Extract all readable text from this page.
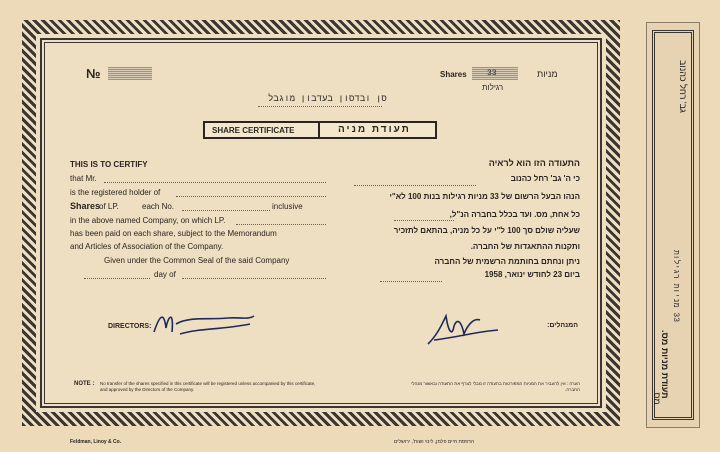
№	Shares	33	מניות
רגילות
סן ובדסון בעדבון מוגבל
SHARE CERTIFICATE	תעודת מניה
THIS IS TO CERTIFY
that Mr.
is the registered holder of
Shares
of LP.	each No.	inclusive
in the above named Company, on which LP.
has been paid on each share, subject to the Memorandum
and Articles of Association of the Company.
Given under the Common Seal of the said Company
day of
DIRECTORS:
התעודה הזו הוא לראיה
כי ה' גב' רחל כהנוב
הנהו הבעל הרשום של 33 מניות רגילות בנות 100 לא"י
כל אחת, מס. ועד בכלל בחברה הנ"ל,
שעליה שולם סך 100 ל"י על כל מניה, בהתאם לתזכיר
ותקנות ההתאגדות של החברה.
ניתן ונחתם בחותמת הרשמית של החברה
ביום 23 לחודש ינואר, 1958
המנהלים:
NOTE : No transfer of the shares specified in this certificate will be registered unless accompanied by this certificate, and approved by the Directors of the Company.
הערה : אין להעביר את המניות המפורטות בתעודה זו מבלי לצרף את התעודה ובאשור מנהלי החברה.
Feldman, Linoy & Co.	הדפסת חיים פלמן, לינוי ושות', ירושלים
גב' רחל כהנוב
33 מניות רגילות
תעודת מניות מס.
מס.
